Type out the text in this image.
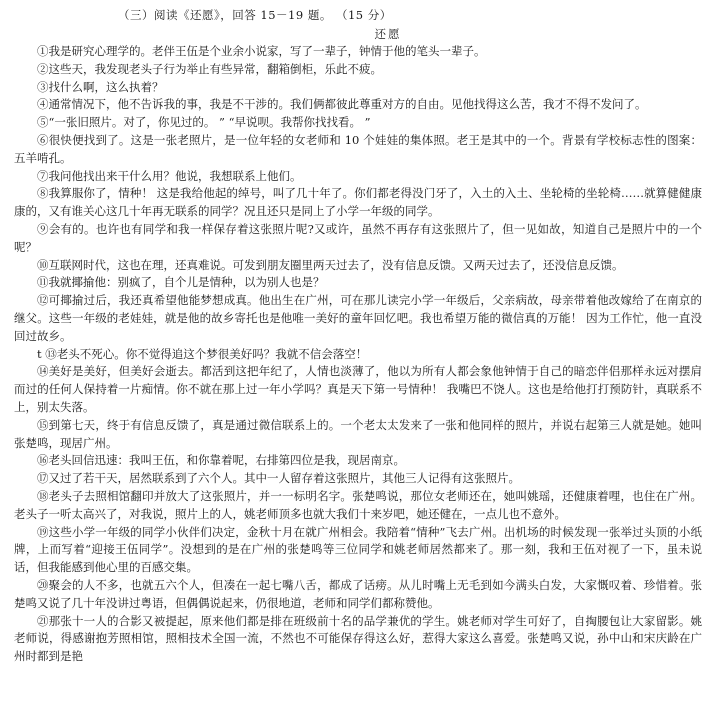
（三）阅读《还愿》，回答 15－19 题。 （15 分）
还愿

①我是研究心理学的。老伴王伍是个业余小说家，写了一辈子，钟情于他的笔头一辈子。

②这些天，我发现老头子行为举止有些异常，翻箱倒柜，乐此不疲。

③找什么啊，这么执着？

④通常情况下，他不告诉我的事，我是不干涉的。我们俩都彼此尊重对方的自由。见他找得这么苦，我才不得不发问了。

⑤“一张旧照片。对了，你见过的。 ” “早说呗。我帮你找找看。 ”

⑥很快便找到了。这是一张老照片，是一位年轻的女老师和 10 个娃娃的集体照。老王是其中的一个。背景有学校标志性的图案：五羊啃孔。

⑦我问他找出来干什么用？他说，我想联系上他们。

⑧我算服你了，情种！ 这是我给他起的绰号，叫了几十年了。你们都老得没门牙了，入土的入土、坐轮椅的坐轮椅……就算健健康康的，又有谁关心这几十年再无联系的同学？况且还只是同上了小学一年级的同学。

⑨会有的。也许也有同学和我一样保存着这张照片呢?又或许，虽然不再存有这张照片了，但一见如故，知道自己是照片中的一个呢？

⑩互联网时代，这也在理，还真难说。可发到朋友圈里两天过去了，没有信息反馈。又两天过去了，还没信息反馈。

⑪我就揶揄他：别疯了，自个儿是情种，以为别人也是？

⑫可揶揄过后，我还真希望他能梦想成真。他出生在广州，可在那儿读完小学一年级后，父亲病故，母亲带着他改嫁给了在南京的继父。这些一年级的老娃娃，就是他的故乡寄托也是他唯一美好的童年回忆吧。我也希望万能的微信真的万能！ 因为工作忙，他一直没回过故乡。

t ⑬老头不死心。你不觉得追这个梦很美好吗？我就不信会落空！

⑭美好是美好，但美好会逝去。都活到这把年纪了，人情也淡薄了，他以为所有人都会象他钟情于自己的暗恋伴侣那样永远对摆肩而过的任何人保持着一片痴情。你不就在那上过一年小学吗？真是天下第一号情种！ 我嘴巴不饶人。这也是给他打打预防针，真联系不上，别太失落。

⑮到第七天，终于有信息反馈了，真是通过微信联系上的。一个老太太发来了一张和他同样的照片，并说右起第三人就是她。她叫张楚鸣，现居广州。

⑯老头回信迅速：我叫王伍，和你靠着呢，右排第四位是我，现居南京。

⑰又过了若干天，居然联系到了六个人。其中一人留存着这张照片，其他三人记得有这张照片。

⑱老头子去照相馆翻印并放大了这张照片，并一一标明名字。张楚鸣说，那位女老师还在，她叫姚瑶，还健康着哩，也住在广州。老头子一听太高兴了，对我说，照片上的人，姚老师顶多也就大我们十来岁吧，她还健在，一点儿也不意外。

⑲这些小学一年级的同学小伙伴们决定，金秋十月在就广州相会。我陪着“情种”飞去广州。出机场的时候发现一张举过头顶的小纸牌，上而写着“迎接王伍同学”。没想到的是在广州的张楚鸣等三位同学和姚老师居然都来了。那一刻，我和王伍对视了一下，虽未说话，但我能感到他心里的百感交集。

⑳聚会的人不多，也就五六个人，但凑在一起七嘴八舌，都成了话痨。从儿时嘴上无毛到如今满头白发，大家慨叹着、珍惜着。张楚鸣又说了几十年没讲过粤语，但偶偶说起来，仍很地道，老师和同学们都称赞他。

㉑那张十一人的合影又被提起，原来他们都是排在班级前十名的品学兼优的学生。姚老师对学生可好了，自掏腰包让大家留影。姚老师说，得感谢抱芳照相馆，照相技术全国一流，不然也不可能保存得这么好，惹得大家这么喜爱。张楚鸣又说，孙中山和宋庆龄在广州时都到是艳
